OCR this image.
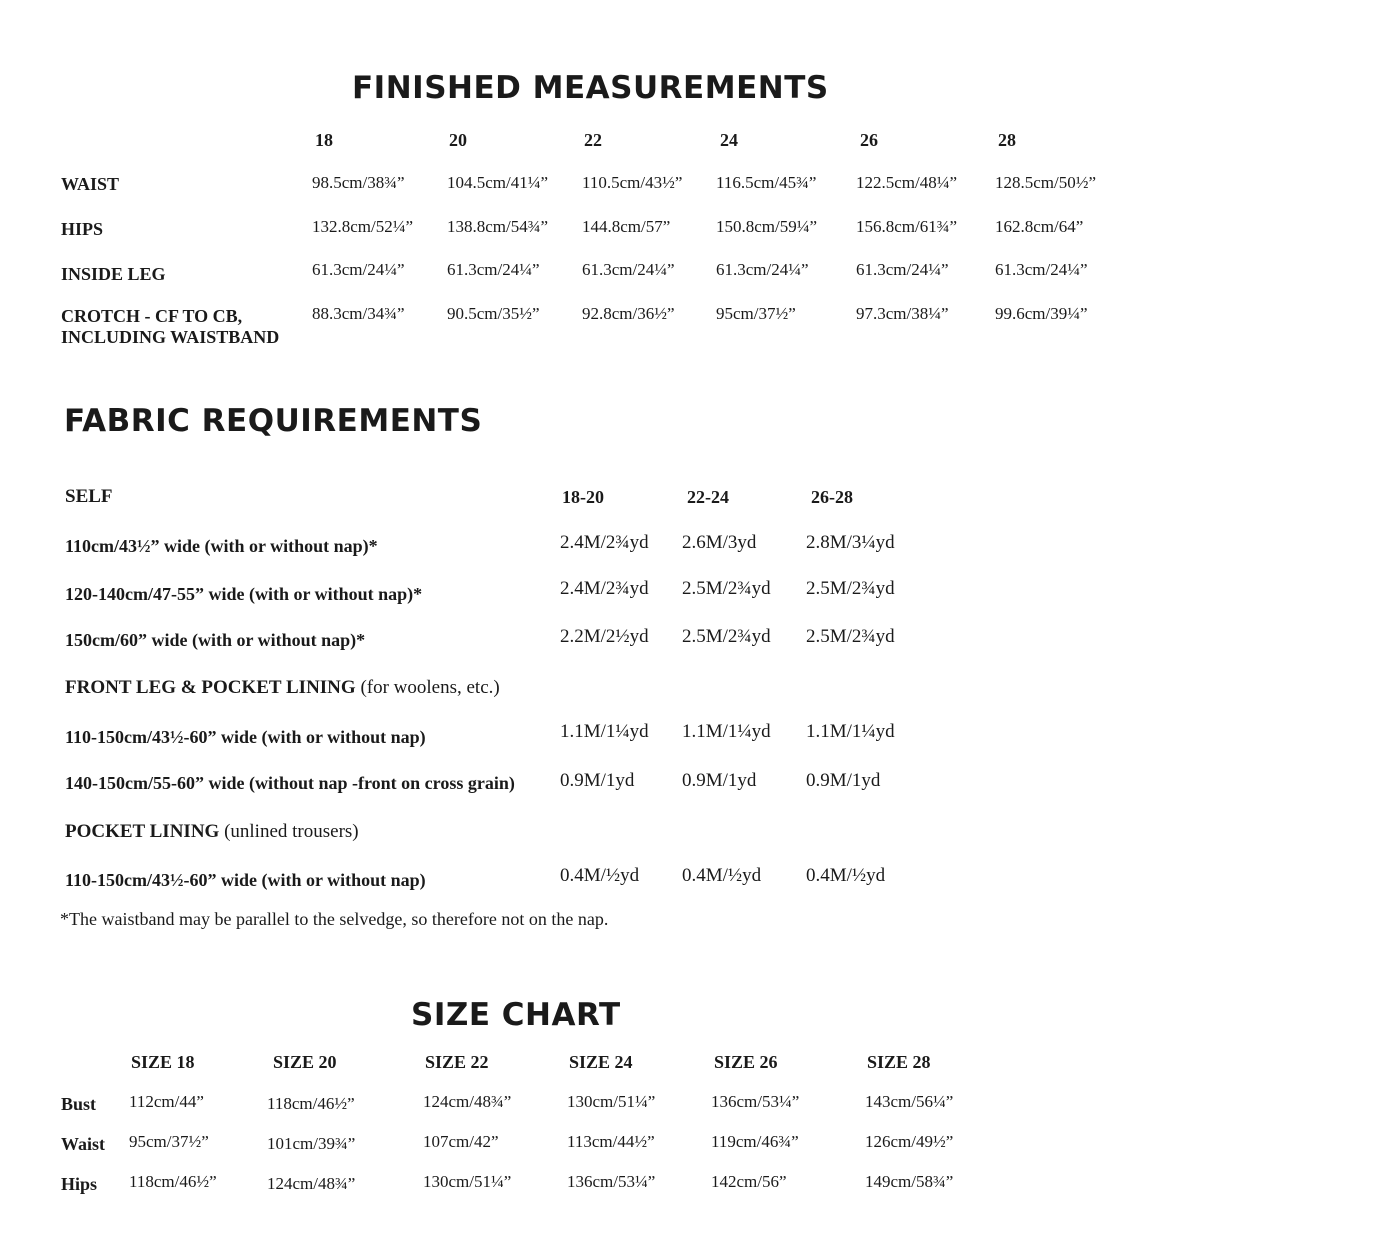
FINISHED MEASUREMENTS
18	20	22	24	26	28
WAIST	98.5cm/38¾” 104.5cm/41¼” 110.5cm/43½” 116.5cm/45¾” 122.5cm/48¼” 128.5cm/50½”
HIPS	132.8cm/52¼” 138.8cm/54¾” 144.8cm/57”	150.8cm/59¼” 156.8cm/61¾” 162.8cm/64”
INSIDE LEG	61.3cm/24¼” 61.3cm/24¼” 61.3cm/24¼” 61.3cm/24¼”	61.3cm/24¼”	61.3cm/24¼”
CROTCH - CF TO CB,
INCLUDING WAISTBAND
88.3cm/34¾” 90.5cm/35½” 92.8cm/36½” 95cm/37½”	97.3cm/38¼”	99.6cm/39¼”
FABRIC REQUIREMENTS
SELF	18-20	22-24	26-28
110cm/43½” wide (with or without nap)*	2.4M/2¾yd 2.6M/3yd	2.8M/3¼yd
120-140cm/47-55” wide (with or without nap)*	2.4M/2¾yd 2.5M/2¾yd 2.5M/2¾yd
150cm/60” wide (with or without nap)*	2.2M/2½yd 2.5M/2¾yd 2.5M/2¾yd
FRONT LEG & POCKET LINING (for woolens, etc.)
110-150cm/43½-60” wide (with or without nap)	1.1M/1¼yd 1.1M/1¼yd 1.1M/1¼yd
140-150cm/55-60” wide (without nap -front on cross grain) 0.9M/1yd	0.9M/1yd	0.9M/1yd
POCKET LINING (unlined trousers)
110-150cm/43½-60” wide (with or without nap)	0.4M/½yd 0.4M/½yd 0.4M/½yd
*The waistband may be parallel to the selvedge, so therefore not on the nap.
SIZE CHART
SIZE 18	SIZE 20	SIZE 22	SIZE 24	SIZE 26	SIZE 28
Bust 112cm/44”	118cm/46½”	124cm/48¾”	130cm/51¼”	136cm/53¼”	143cm/56¼”
Waist 95cm/37½”	101cm/39¾”	107cm/42”	113cm/44½”	119cm/46¾”	126cm/49½”
Hips 118cm/46½”	124cm/48¾”	130cm/51¼”	136cm/53¼”	142cm/56”	149cm/58¾”
